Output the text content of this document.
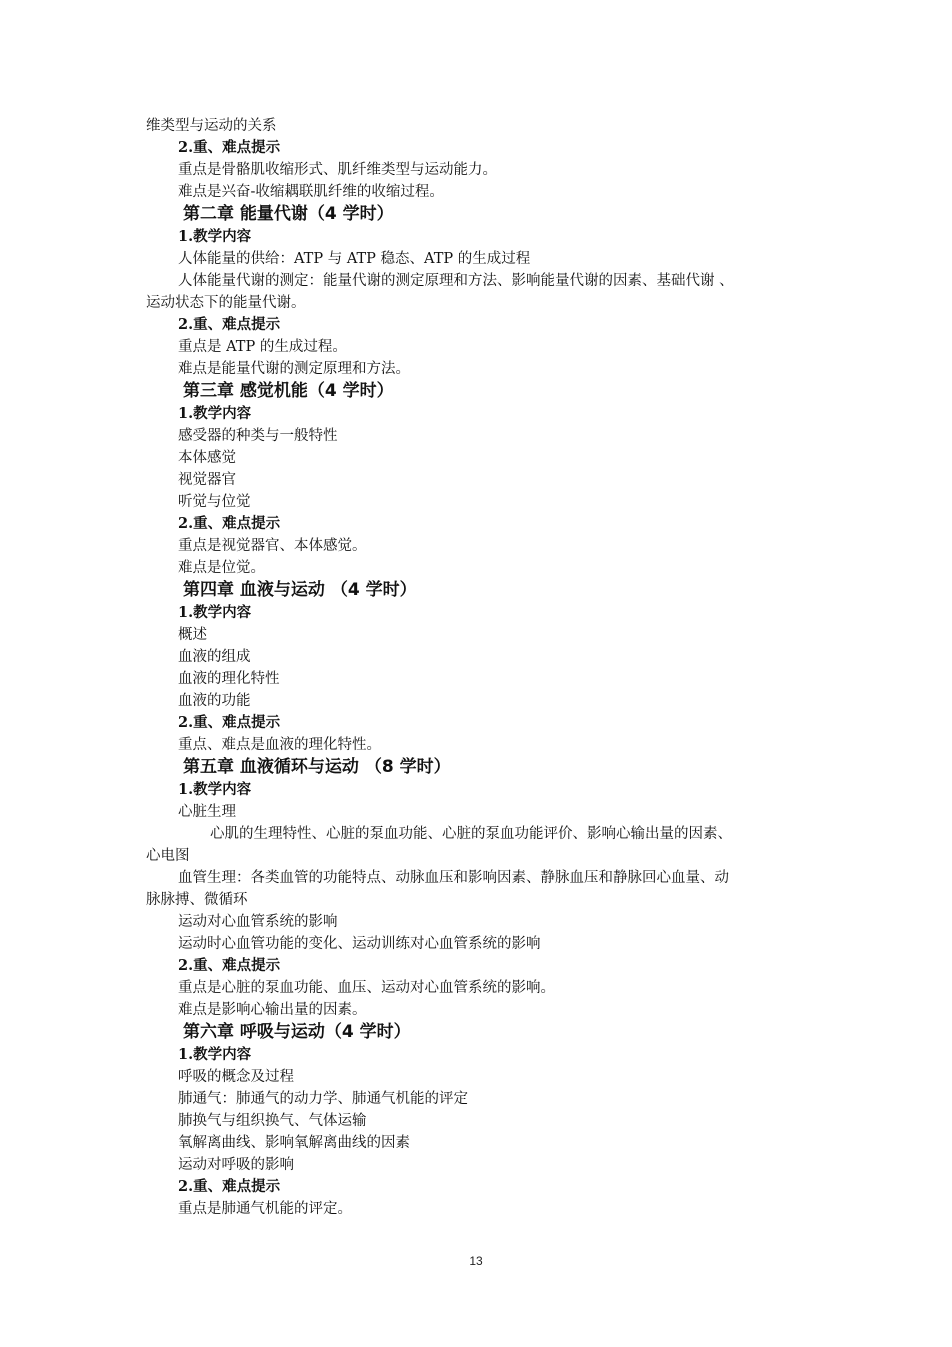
维类型与运动的关系
2.重、难点提示
重点是骨骼肌收缩形式、肌纤维类型与运动能力。
难点是兴奋-收缩耦联肌纤维的收缩过程。
第二章 能量代谢（4 学时）
1.教学内容
人体能量的供给：ATP 与 ATP 稳态、ATP 的生成过程
人体能量代谢的测定：能量代谢的测定原理和方法、影响能量代谢的因素、基础代谢 、
运动状态下的能量代谢。
2.重、难点提示
重点是 ATP 的生成过程。
难点是能量代谢的测定原理和方法。
第三章 感觉机能（4 学时）
1.教学内容
感受器的种类与一般特性
本体感觉
视觉器官
听觉与位觉
2.重、难点提示
重点是视觉器官、本体感觉。
难点是位觉。
第四章 血液与运动 （4 学时）
1.教学内容
概述
血液的组成
血液的理化特性
血液的功能
2.重、难点提示
重点、难点是血液的理化特性。
第五章 血液循环与运动 （8 学时）
1.教学内容
心脏生理
心肌的生理特性、心脏的泵血功能、心脏的泵血功能评价、影响心输出量的因素、
心电图
血管生理：各类血管的功能特点、动脉血压和影响因素、静脉血压和静脉回心血量、动
脉脉搏、微循环
运动对心血管系统的影响
运动时心血管功能的变化、运动训练对心血管系统的影响
2.重、难点提示
重点是心脏的泵血功能、血压、运动对心血管系统的影响。
难点是影响心输出量的因素。
第六章 呼吸与运动（4 学时）
1.教学内容
呼吸的概念及过程
肺通气：肺通气的动力学、肺通气机能的评定
肺换气与组织换气、气体运输
氧解离曲线、影响氧解离曲线的因素
运动对呼吸的影响
2.重、难点提示
重点是肺通气机能的评定。
13
